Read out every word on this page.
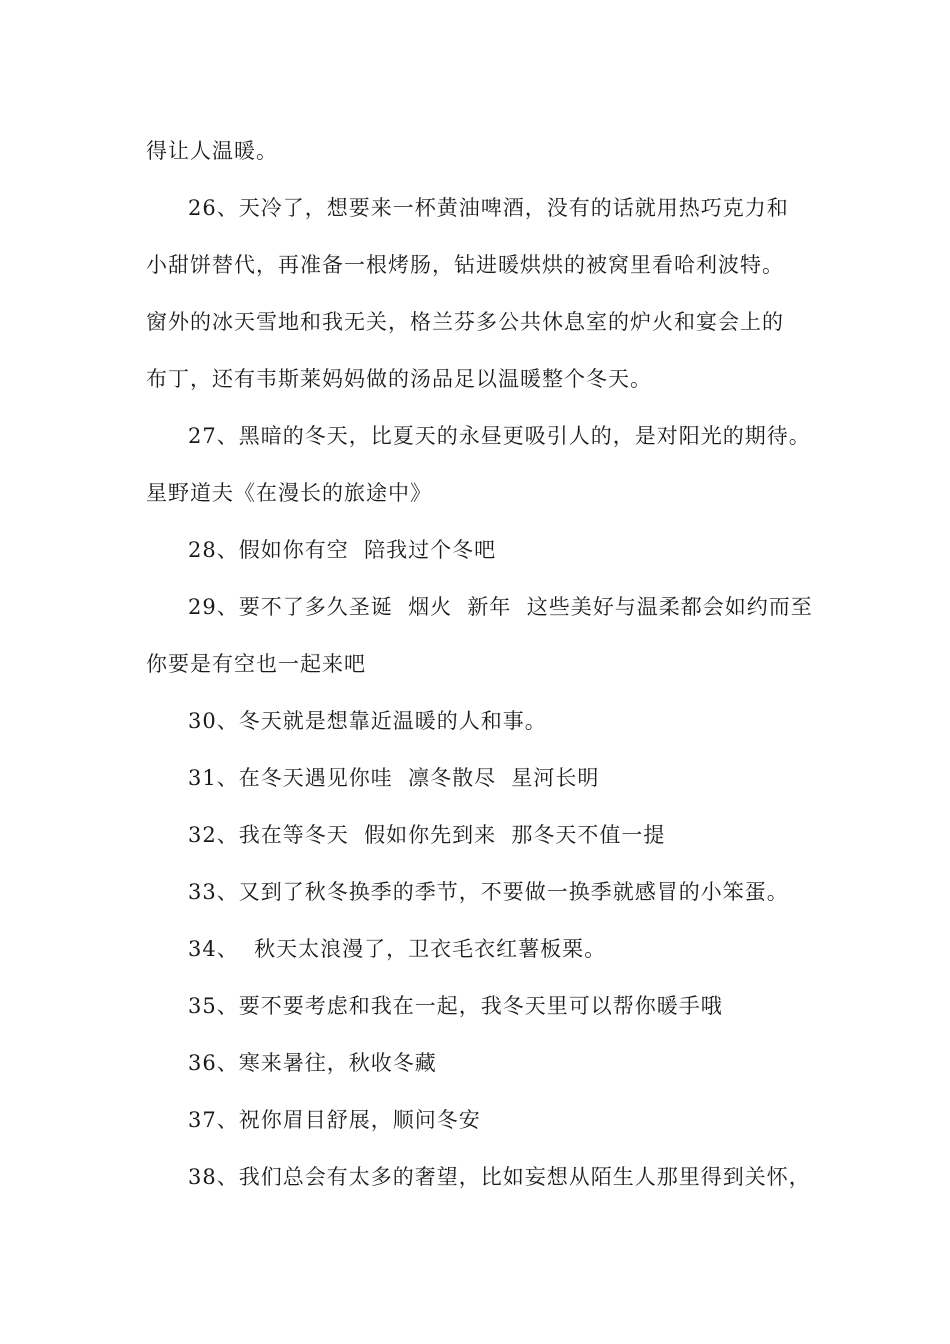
得让人温暖。
26、天冷了，想要来一杯黄油啤酒，没有的话就用热巧克力和
小甜饼替代，再准备一根烤肠，钻进暖烘烘的被窝里看哈利波特。
窗外的冰天雪地和我无关，格兰芬多公共休息室的炉火和宴会上的
布丁，还有韦斯莱妈妈做的汤品足以温暖整个冬天。
27、黑暗的冬天，比夏天的永昼更吸引人的，是对阳光的期待。
星野道夫《在漫长的旅途中》
28、假如你有空  陪我过个冬吧
29、要不了多久圣诞  烟火  新年  这些美好与温柔都会如约而至
你要是有空也一起来吧
30、冬天就是想靠近温暖的人和事。
31、在冬天遇见你哇  凛冬散尽  星河长明
32、我在等冬天  假如你先到来  那冬天不值一提
33、又到了秋冬换季的季节，不要做一换季就感冒的小笨蛋。
34、  秋天太浪漫了，卫衣毛衣红薯板栗。
35、要不要考虑和我在一起，我冬天里可以帮你暖手哦
36、寒来暑往，秋收冬藏
37、祝你眉目舒展，顺问冬安
38、我们总会有太多的奢望，比如妄想从陌生人那里得到关怀，
